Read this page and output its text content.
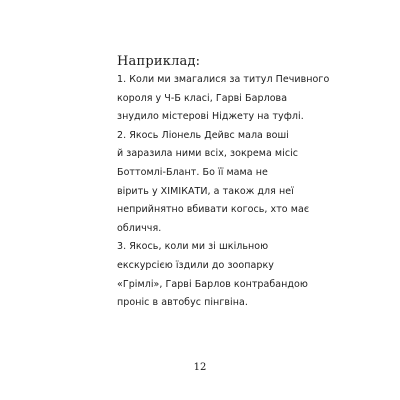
Наприклад:
1. Коли ми змагалися за титул Печивного
короля у Ч-Б класі, Гарві Барлова
знудило містерові Ніджету на туфлі.
2. Якось Ліонель Дейвс мала вошi
й заразила ними всіх, зокрема місіс
Боттомлі-Блант. Бо її мама не
вірить у ХІМІКАТИ, а також для неї
неприйнятно вбивати когось, хто має
обличчя.
3. Якось, коли ми зі шкільною
екскурсією їздили до зоопарку
«Грімлі», Гарві Барлов контрабандою
проніс в автобус пінгвіна.
12
